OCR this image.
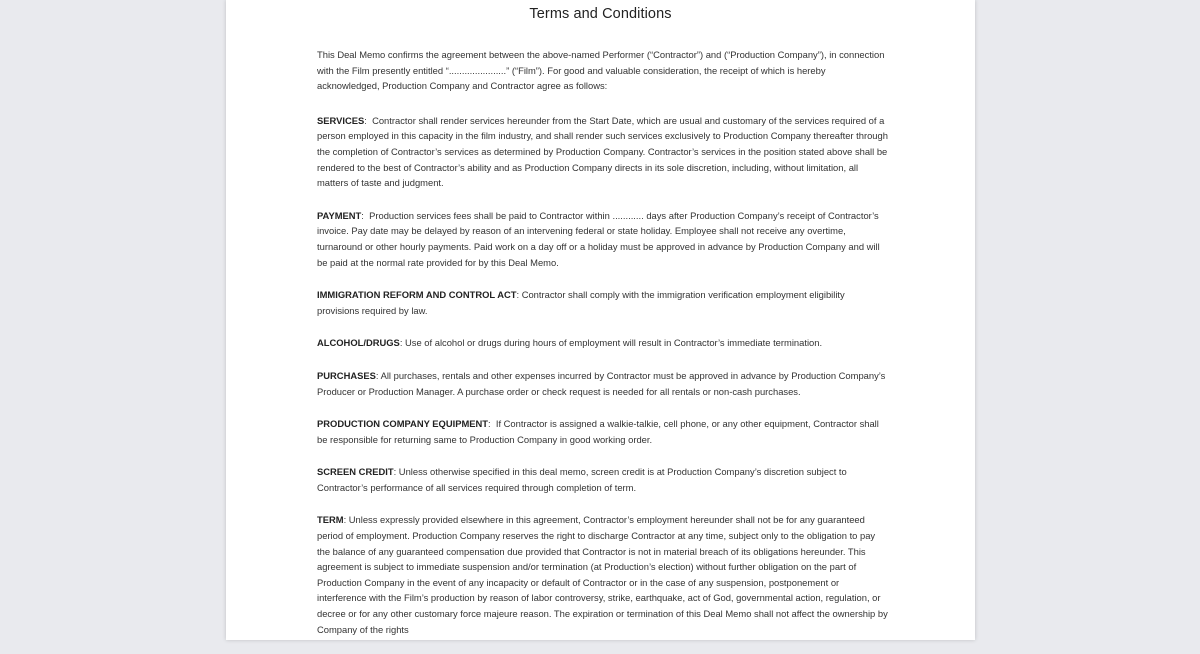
Terms and Conditions

This Deal Memo confirms the agreement between the above-named Performer (“Contractor”) and (“Production Company”), in connection with the Film presently entitled “......................” (“Film”). For good and valuable consideration, the receipt of which is hereby acknowledged, Production Company and Contractor agree as follows:

SERVICES:  Contractor shall render services hereunder from the Start Date, which are usual and customary of the services required of a person employed in this capacity in the film industry, and shall render such services exclusively to Production Company thereafter through the completion of Contractor’s services as determined by Production Company. Contractor’s services in the position stated above shall be rendered to the best of Contractor’s ability and as Production Company directs in its sole discretion, including, without limitation, all matters of taste and judgment.

PAYMENT:  Production services fees shall be paid to Contractor within ............ days after Production Company’s receipt of Contractor’s invoice. Pay date may be delayed by reason of an intervening federal or state holiday. Employee shall not receive any overtime, turnaround or other hourly payments. Paid work on a day off or a holiday must be approved in advance by Production Company and will be paid at the normal rate provided for by this Deal Memo.

IMMIGRATION REFORM AND CONTROL ACT: Contractor shall comply with the immigration verification employment eligibility provisions required by law.

ALCOHOL/DRUGS: Use of alcohol or drugs during hours of employment will result in Contractor’s immediate termination.

PURCHASES: All purchases, rentals and other expenses incurred by Contractor must be approved in advance by Production Company’s Producer or Production Manager. A purchase order or check request is needed for all rentals or non-cash purchases.

PRODUCTION COMPANY EQUIPMENT:  If Contractor is assigned a walkie-talkie, cell phone, or any other equipment, Contractor shall be responsible for returning same to Production Company in good working order.

SCREEN CREDIT: Unless otherwise specified in this deal memo, screen credit is at Production Company’s discretion subject to Contractor’s performance of all services required through completion of term.

TERM: Unless expressly provided elsewhere in this agreement, Contractor’s employment hereunder shall not be for any guaranteed period of employment. Production Company reserves the right to discharge Contractor at any time, subject only to the obligation to pay the balance of any guaranteed compensation due provided that Contractor is not in material breach of its obligations hereunder. This agreement is subject to immediate suspension and/or termination (at Production’s election) without further obligation on the part of Production Company in the event of any incapacity or default of Contractor or in the case of any suspension, postponement or interference with the Film’s production by reason of labor controversy, strike, earthquake, act of God, governmental action, regulation, or decree or for any other customary force majeure reason. The expiration or termination of this Deal Memo shall not affect the ownership by Company of the rights
